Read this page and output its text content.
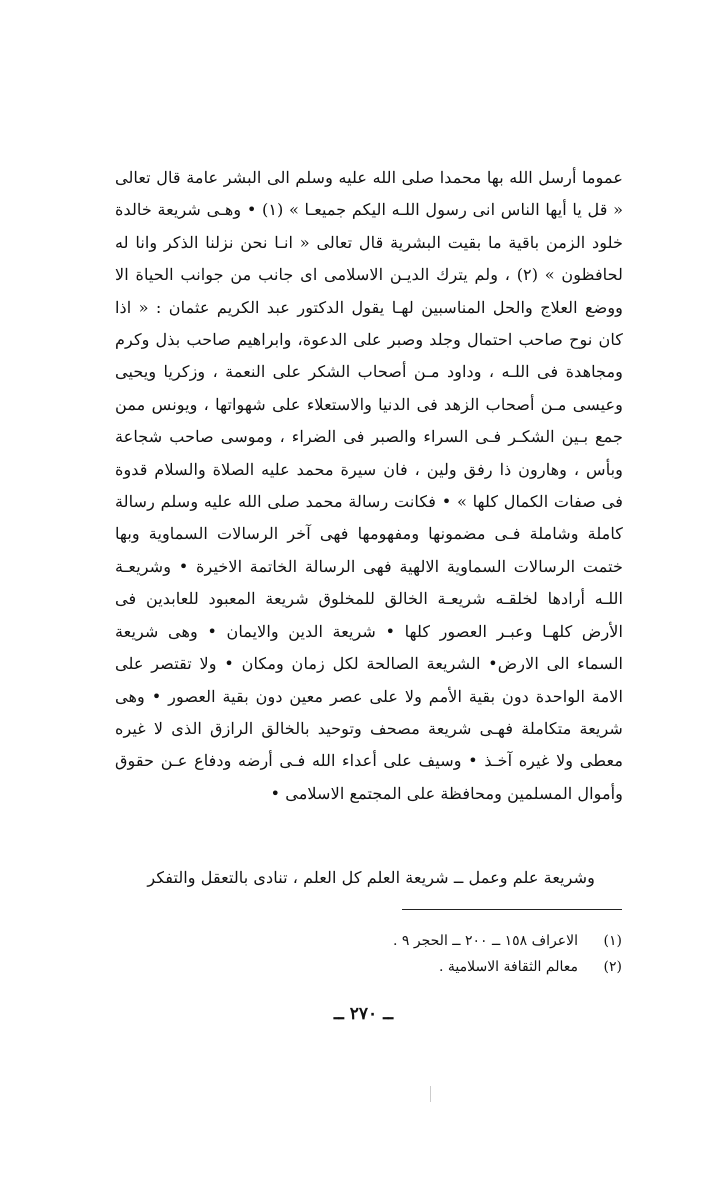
عموما أرسل الله بها محمدا صلى الله عليه وسلم الى البشر عامة قال تعالى « قل يا أيها الناس انى رسول اللـه اليكم جميعـا » (١) • وهـى شريعة خالدة خلود الزمن باقية ما بقيت البشرية قال تعالى « انـا نحن نزلنا الذكر وانا له لحافظون » (٢) ، ولم يترك الديـن الاسلامى اى جانب من جوانب الحياة الا ووضع العلاج والحل المناسبين لهـا يقول الدكتور عبد الكريم عثمان : « اذا كان نوح صاحب احتمال وجلد وصبر على الدعوة، وابراهيم صاحب بذل وكرم ومجاهدة فى اللـه ، وداود مـن أصحاب الشكر على النعمة ، وزكريا ويحيى وعيسى مـن أصحاب الزهد فى الدنيا والاستعلاء على شهواتها ، ويونس ممن جمع بـين الشكـر فـى السراء والصبر فى الضراء ، وموسى صاحب شجاعة وبأس ، وهارون ذا رفق ولين ، فان سيرة محمد عليه الصلاة والسلام قدوة فى صفات الكمال كلها » • فكانت رسالة محمد صلى الله عليه وسلم رسالة كاملة وشاملة فـى مضمونها ومفهومها فهى آخر الرسالات السماوية وبها ختمت الرسالات السماوية الالهية فهى الرسالة الخاتمة الاخيرة • وشريعـة اللـه أرادها لخلقـه شريعـة الخالق للمخلوق شريعة المعبود للعابدين فى الأرض كلهـا وعبـر العصور كلها • شريعة الدين والايمان • وهى شريعة السماء الى الارض• الشريعة الصالحة لكل زمان ومكان • ولا تقتصر على الامة الواحدة دون بقية الأمم ولا على عصر معين دون بقية العصور • وهى شريعة متكاملة فهـى شريعة مصحف وتوحيد بالخالق الرازق الذى لا غيره معطى ولا غيره آخـذ • وسيف على أعداء الله فـى أرضه ودفاع عـن حقوق وأموال المسلمين ومحافظة على المجتمع الاسلامى •

وشريعة علم وعمل ــ شريعة العلم كل العلم ، تنادى بالتعقل والتفكر

(١)
الاعراف ١٥٨ ــ ٢٠٠ ــ الحجر ٩ .
(٢)
معالم الثقافة الاسلامية .
ــ ٢٧٠ ــ
